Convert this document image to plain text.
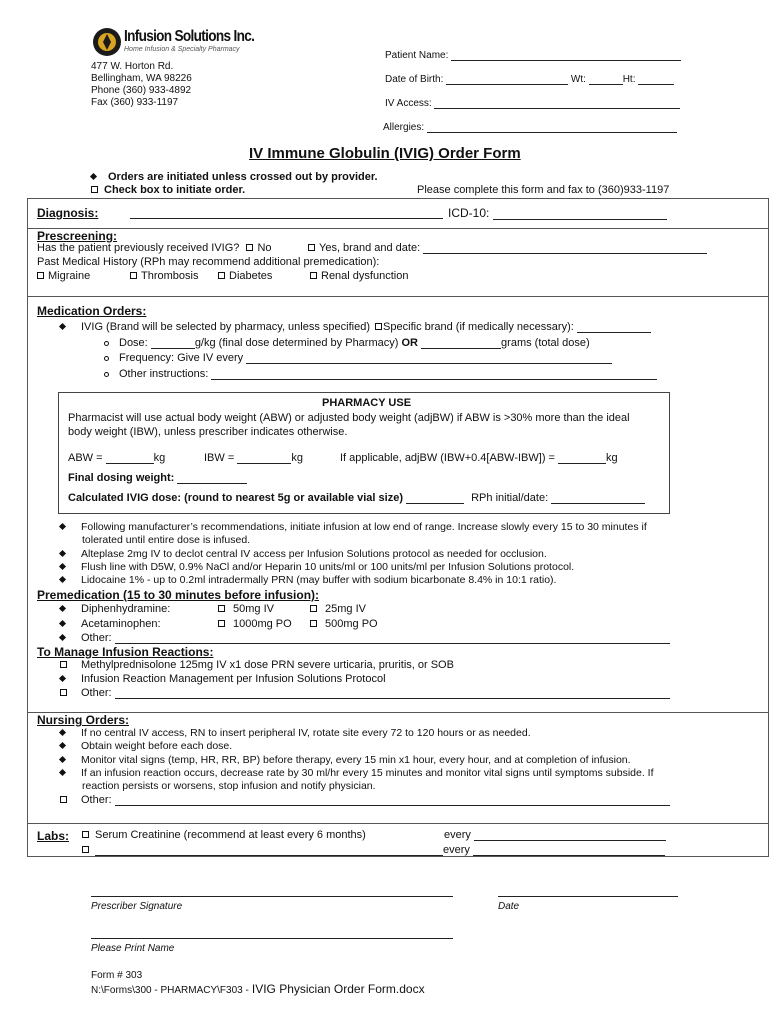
Infusion Solutions Inc.
Home Infusion & Specialty Pharmacy
477 W. Horton Rd.
Bellingham, WA 98226
Phone (360) 933-4892
Fax (360) 933-1197
Patient Name:
Date of Birth:	Wt:	Ht:
IV Access:
Allergies:
IV Immune Globulin (IVIG) Order Form
Orders are initiated unless crossed out by provider.
Check box to initiate order.	Please complete this form and fax to (360)933-1197
Diagnosis:	ICD-10:
Prescreening:
Has the patient previously received IVIG? No	Yes, brand and date:
Past Medical History (RPh may recommend additional premedication):
Migraine	Thrombosis	Diabetes	Renal dysfunction
Medication Orders:
IVIG (Brand will be selected by pharmacy, unless specified) Specific brand (if medically necessary):
Dose:	g/kg (final dose determined by Pharmacy) OR	grams (total dose)
Frequency: Give IV every
Other instructions:
PHARMACY USE
Pharmacist will use actual body weight (ABW) or adjusted body weight (adjBW) if ABW is >30% more than the ideal
body weight (IBW), unless prescriber indicates otherwise.
ABW =	kg	IBW =	kg	If applicable, adjBW (IBW+0.4[ABW-IBW]) =	kg
Final dosing weight:
Calculated IVIG dose: (round to nearest 5g or available vial size)	RPh initial/date:
Following manufacturer’s recommendations, initiate infusion at low end of range. Increase slowly every 15 to 30 minutes if
tolerated until entire dose is infused.
Alteplase 2mg IV to declot central IV access per Infusion Solutions protocol as needed for occlusion.
Flush line with D5W, 0.9% NaCl and/or Heparin 10 units/ml or 100 units/ml per Infusion Solutions protocol.
Lidocaine 1% - up to 0.2ml intradermally PRN (may buffer with sodium bicarbonate 8.4% in 10:1 ratio).
Premedication (15 to 30 minutes before infusion):
Diphenhydramine:	50mg IV	25mg IV
Acetaminophen:	1000mg PO	500mg PO
Other:
To Manage Infusion Reactions:
Methylprednisolone 125mg IV x1 dose PRN severe urticaria, pruritis, or SOB
Infusion Reaction Management per Infusion Solutions Protocol
Other:
Nursing Orders:
If no central IV access, RN to insert peripheral IV, rotate site every 72 to 120 hours or as needed.
Obtain weight before each dose.
Monitor vital signs (temp, HR, RR, BP) before therapy, every 15 min x1 hour, every hour, and at completion of infusion.
If an infusion reaction occurs, decrease rate by 30 ml/hr every 15 minutes and monitor vital signs until symptoms subside. If
reaction persists or worsens, stop infusion and notify physician.
Other:
Labs:	Serum Creatinine (recommend at least every 6 months)	every
every
Prescriber Signature	Date
Please Print Name
Form # 303
N:\Forms\300 - PHARMACY\F303 - IVIG Physician Order Form.docx
